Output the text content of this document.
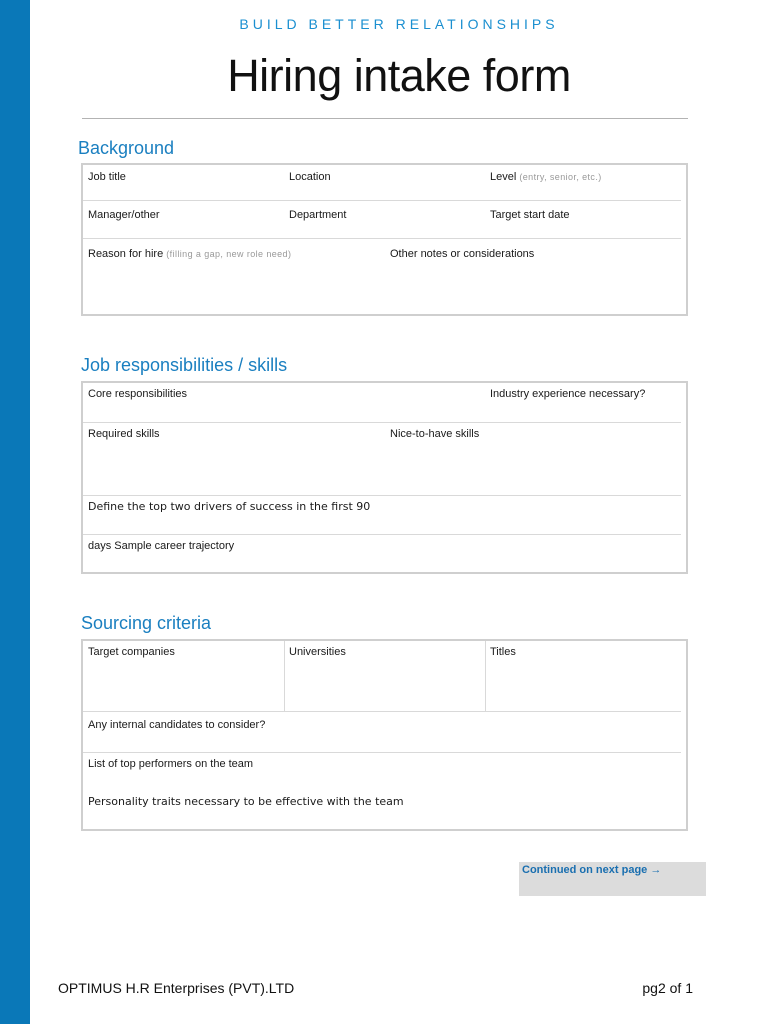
BUILD BETTER RELATIONSHIPS
Hiring intake form
Background
Job title	Location	Level (entry, senior, etc.)
Manager/other	Department	Target start date
Reason for hire (filling a gap, new role need)	Other notes or considerations
Job responsibilities / skills
Core responsibilities	Industry experience necessary?
Required skills	Nice-to-have skills
Define the top two drivers of success in the first 90
days Sample career trajectory
Sourcing criteria
Target companies	Universities	Titles
Any internal candidates to consider?
List of top performers on the team
Personality traits necessary to be effective with the team
Continued on next page →
OPTIMUS H.R Enterprises (PVT).LTD	pg2 of 1
